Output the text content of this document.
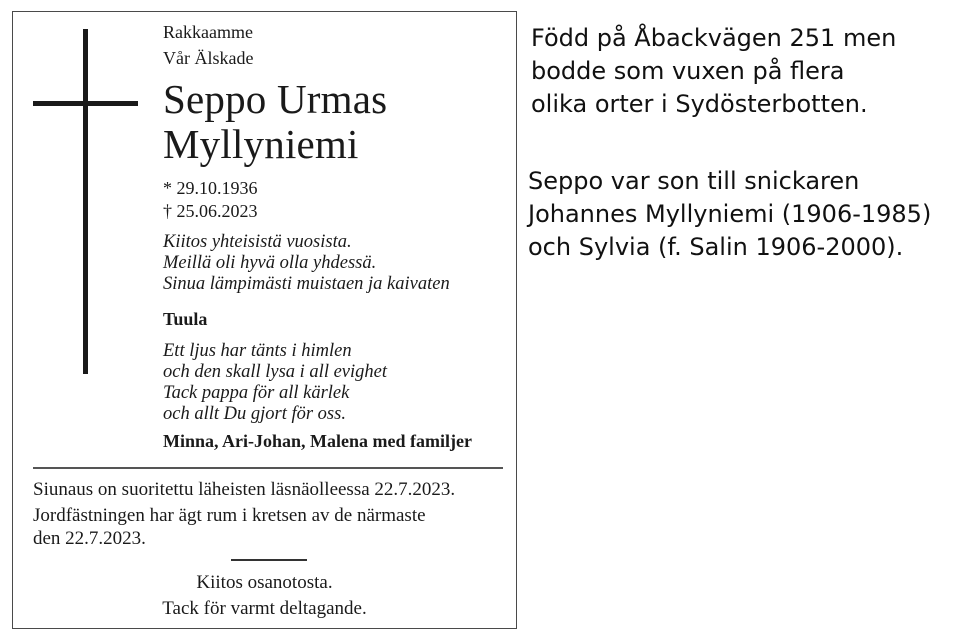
Rakkaamme

Vår Älskade

Seppo Urmas

Myllyniemi

* 29.10.1936

† 25.06.2023

Kiitos yhteisistä vuosista.

Meillä oli hyvä olla yhdessä.

Sinua lämpimästi muistaen ja kaivaten

Tuula

Ett ljus har tänts i himlen

och den skall lysa i all evighet

Tack pappa för all kärlek

och allt Du gjort för oss.

Minna, Ari-Johan, Malena med familjer

Siunaus on suoritettu läheisten läsnäolleessa 22.7.2023.

Jordfästningen har ägt rum i kretsen av de närmaste

den 22.7.2023.

Kiitos osanotosta.

Tack för varmt deltagande.

Född på Åbackvägen 251 men

bodde som vuxen på flera

olika orter i Sydösterbotten.

Seppo var son till snickaren

Johannes Myllyniemi (1906-1985)

och Sylvia (f. Salin 1906-2000).
